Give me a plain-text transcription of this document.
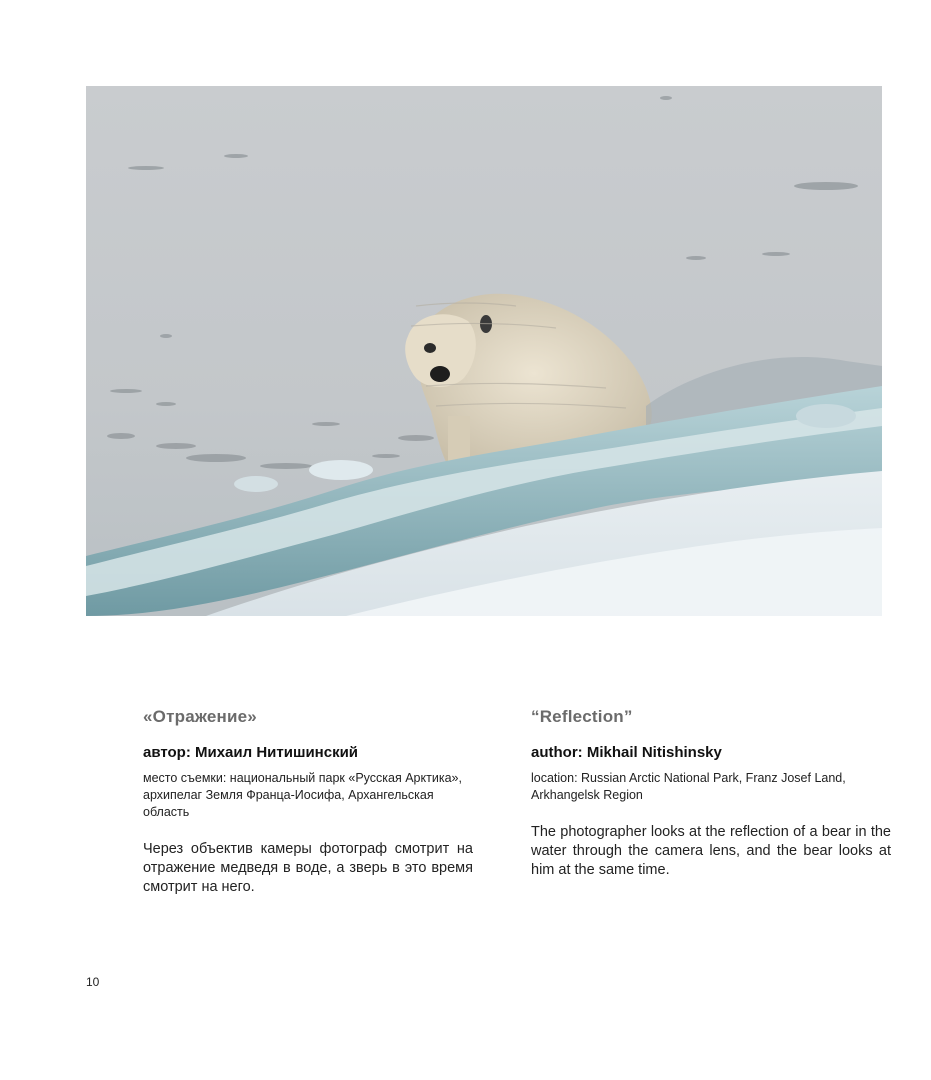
«Отражение»

автор: Михаил Нитишинский

место съемки: национальный парк «Русская Арктика», архипелаг Земля Франца-Иосифа, Архангельская область

Через объектив камеры фотограф смотрит на отражение медведя в воде, а зверь в это время смотрит на него.

“Reflection”

author: Mikhail Nitishinsky

location: Russian Arctic National Park, Franz Josef Land, Arkhangelsk Region

The photographer looks at the reflection of a bear in the water through the camera lens, and the bear looks at him at the same time.

10
